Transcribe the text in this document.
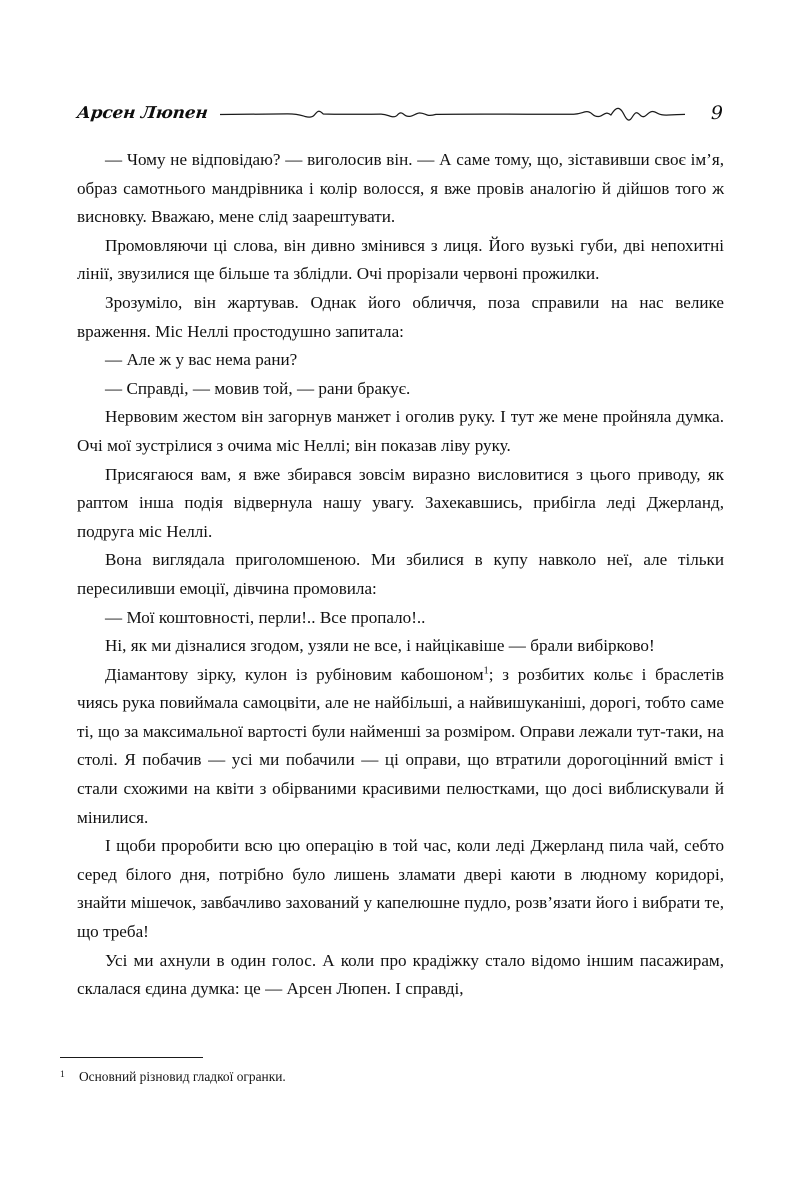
Арсен Люпен	9

— Чому не відповідаю? — виголосив він. — А саме тому, що, зіставивши своє ім’я, образ самотнього мандрівника і колір волосся, я вже провів аналогію й дійшов того ж висновку. Вважаю, мене слід заарештувати.

Промовляючи ці слова, він дивно змінився з лиця. Його вузькі губи, дві непохитні лінії, звузилися ще більше та зблідли. Очі прорізали червоні прожилки.

Зрозуміло, він жартував. Однак його обличчя, поза справили на нас велике враження. Міс Неллі простодушно запитала:

— Але ж у вас нема рани?

— Справді, — мовив той, — рани бракує.

Нервовим жестом він загорнув манжет і оголив руку. І тут же мене пройняла думка. Очі мої зустрілися з очима міс Неллі; він показав ліву руку.

Присягаюся вам, я вже збирався зовсім виразно висловитися з цього приводу, як раптом інша подія відвернула нашу увагу. Захекавшись, прибігла леді Джерланд, подруга міс Неллі.

Вона виглядала приголомшеною. Ми збилися в купу навколо неї, але тільки пересиливши емоції, дівчина промовила:

— Мої коштовності, перли!.. Все пропало!..

Ні, як ми дізналися згодом, узяли не все, і найцікавіше — брали вибірково!

Діамантову зірку, кулон із рубіновим кабошоном$^1$; з розбитих кольє і браслетів чиясь рука повиймала самоцвіти, але не найбільші, а найвишуканіші, дорогі, тобто саме ті, що за максимальної вартості були найменші за розміром. Оправи лежали тут-таки, на столі. Я побачив — усі ми побачили — ці оправи, що втратили дорогоцінний вміст і стали схожими на квіти з обірваними красивими пелюстками, що досі виблискували й мінилися.

І щоби проробити всю цю операцію в той час, коли леді Джерланд пила чай, себто серед білого дня, потрібно було лишень зламати двері каюти в людному коридорі, знайти мішечок, завбачливо захований у капелюшне пудло, розв’язати його і вибрати те, що треба!

Усі ми ахнули в один голос. А коли про крадіжку стало відомо іншим пасажирам, склалася єдина думка: це — Арсен Люпен. І справді,

1	Основний різновид гладкої огранки.
